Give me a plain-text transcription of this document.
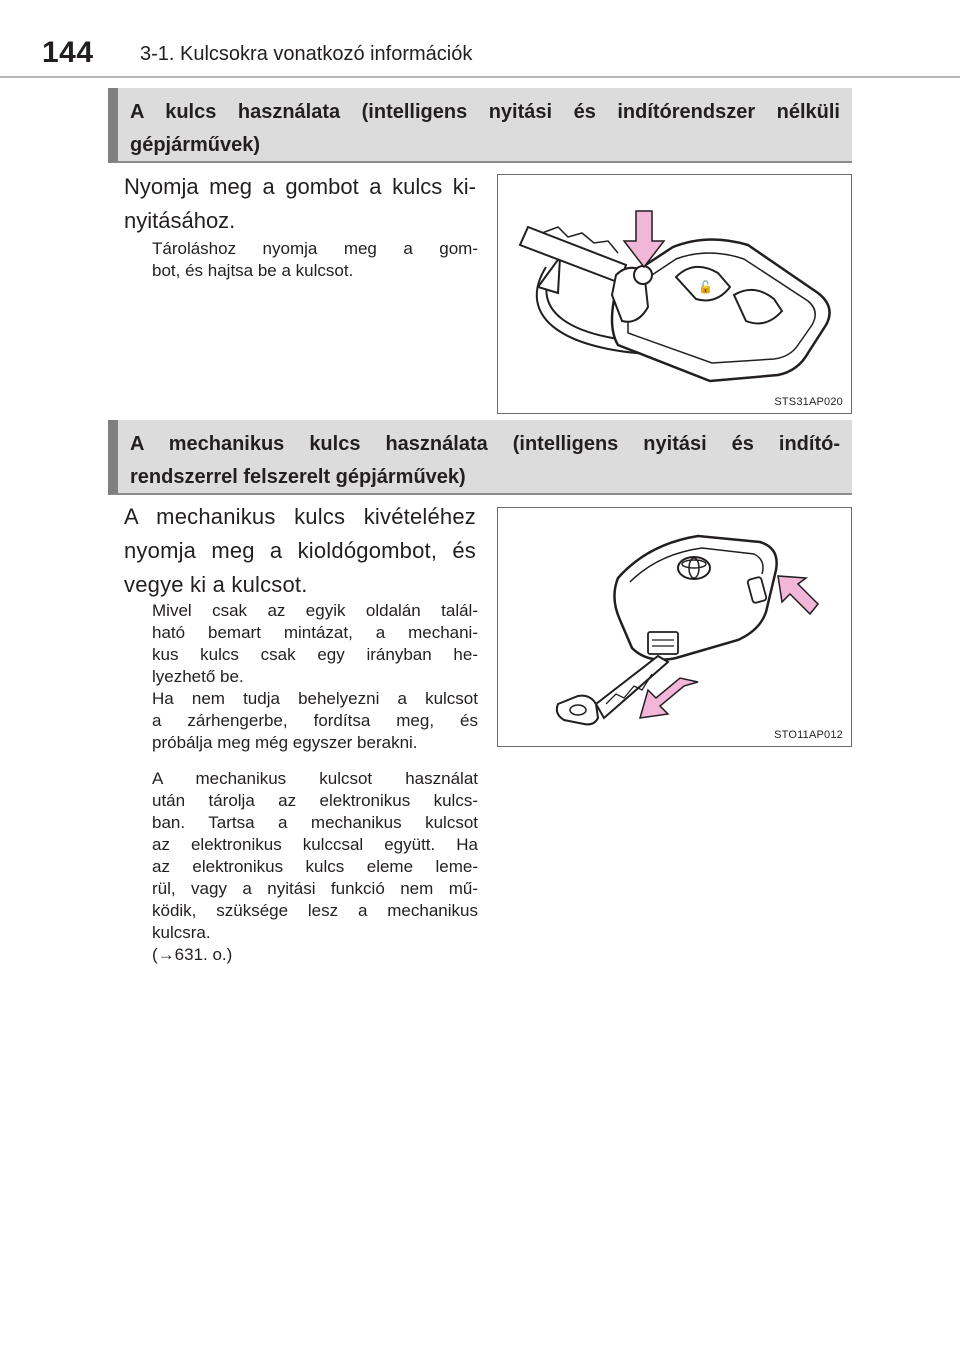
144 3-1. Kulcsokra vonatkozó információk
A kulcs használata (intelligens nyitási és indítórendszer nélküli
gépjárművek)
Nyomja meg a gombot a kulcs ki-
nyitásához.
Tároláshoz nyomja meg a gom-
bot, és hajtsa be a kulcsot.
🔓
STS31AP020
A mechanikus kulcs használata (intelligens nyitási és indító-
rendszerrel felszerelt gépjárművek)
A mechanikus kulcs kivételéhez
nyomja meg a kioldógombot, és
vegye ki a kulcsot.
Mivel csak az egyik oldalán talál-
ható bemart mintázat, a mechani-
kus kulcs csak egy irányban he-
lyezhető be.
Ha nem tudja behelyezni a kulcsot
a zárhengerbe, fordítsa meg, és
próbálja meg még egyszer berakni.
A mechanikus kulcsot használat
után tárolja az elektronikus kulcs-
ban. Tartsa a mechanikus kulcsot
az elektronikus kulccsal együtt. Ha
az elektronikus kulcs eleme leme-
rül, vagy a nyitási funkció nem mű-
ködik, szüksége lesz a mechanikus
kulcsra.
(→631. o.)
STO11AP012
